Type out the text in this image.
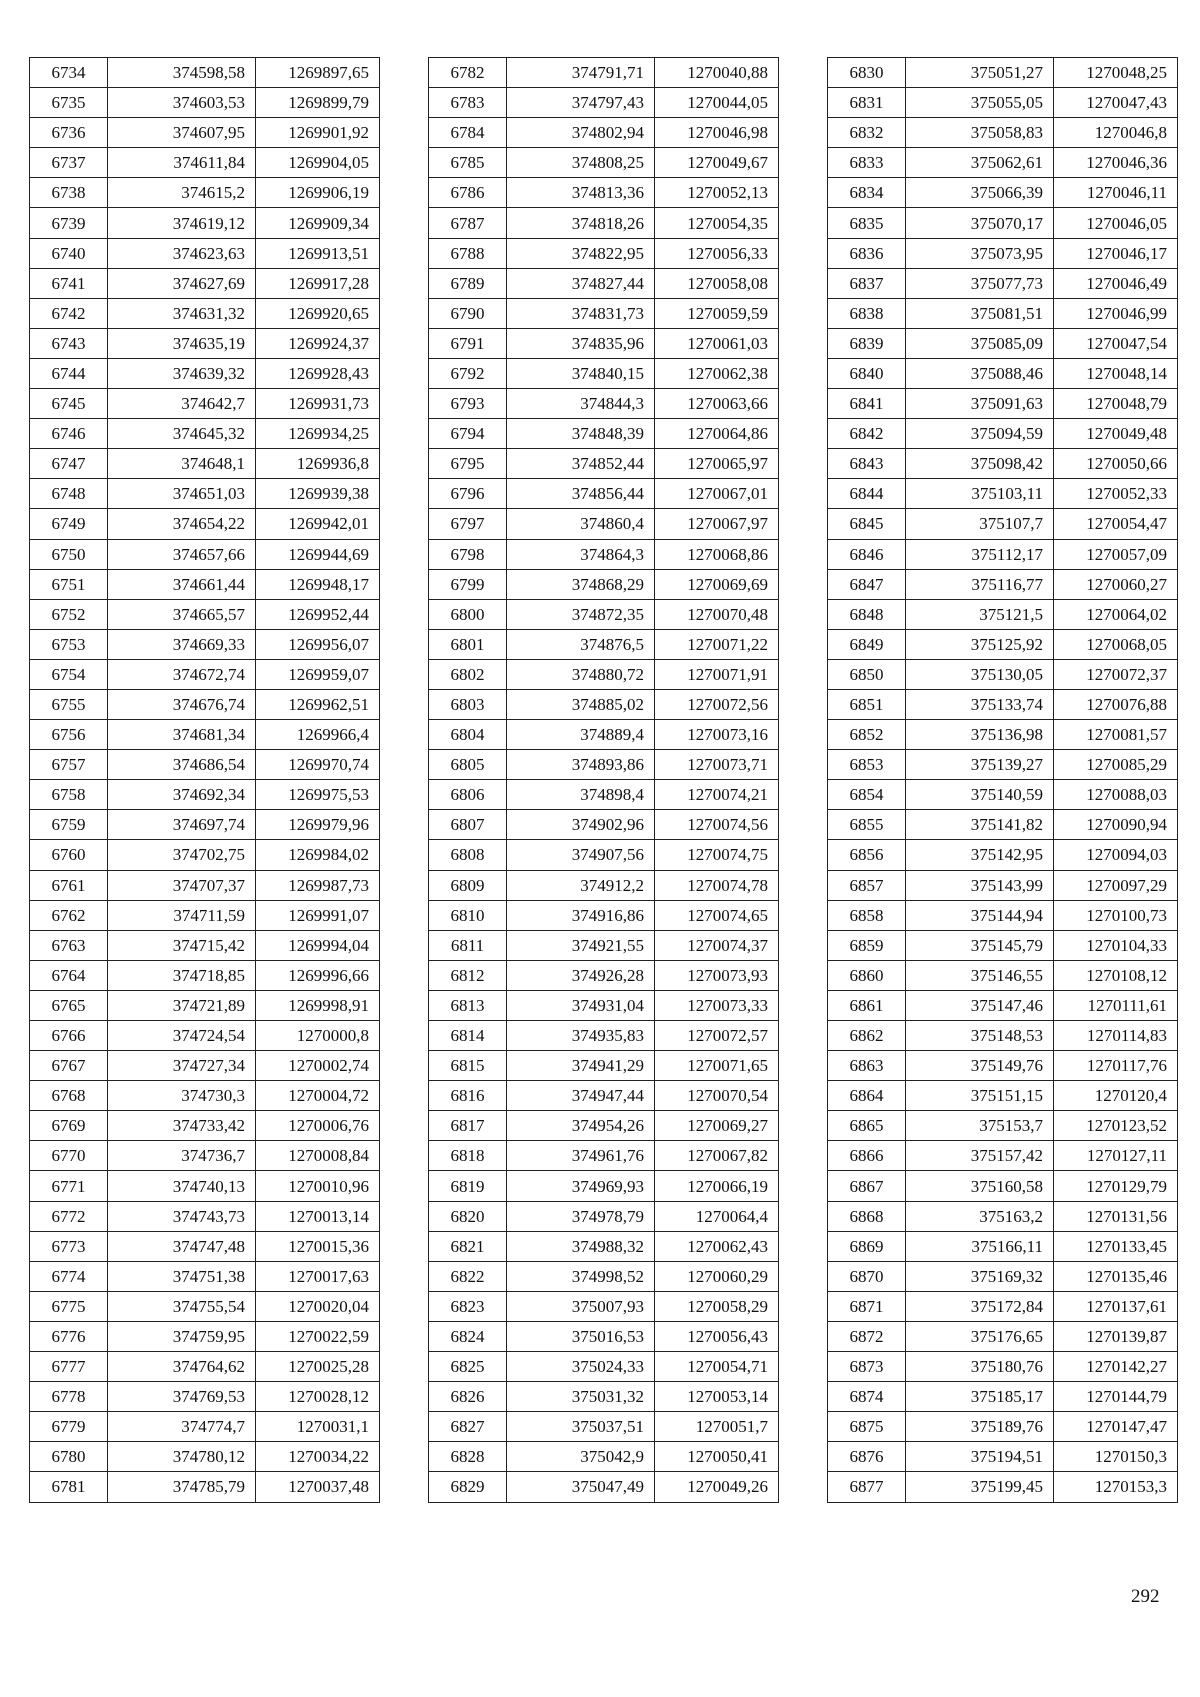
6734	374598,58	1269897,65
6735	374603,53	1269899,79
6736	374607,95	1269901,92
6737	374611,84	1269904,05
6738	374615,2	1269906,19
6739	374619,12	1269909,34
6740	374623,63	1269913,51
6741	374627,69	1269917,28
6742	374631,32	1269920,65
6743	374635,19	1269924,37
6744	374639,32	1269928,43
6745	374642,7	1269931,73
6746	374645,32	1269934,25
6747	374648,1	1269936,8
6748	374651,03	1269939,38
6749	374654,22	1269942,01
6750	374657,66	1269944,69
6751	374661,44	1269948,17
6752	374665,57	1269952,44
6753	374669,33	1269956,07
6754	374672,74	1269959,07
6755	374676,74	1269962,51
6756	374681,34	1269966,4
6757	374686,54	1269970,74
6758	374692,34	1269975,53
6759	374697,74	1269979,96
6760	374702,75	1269984,02
6761	374707,37	1269987,73
6762	374711,59	1269991,07
6763	374715,42	1269994,04
6764	374718,85	1269996,66
6765	374721,89	1269998,91
6766	374724,54	1270000,8
6767	374727,34	1270002,74
6768	374730,3	1270004,72
6769	374733,42	1270006,76
6770	374736,7	1270008,84
6771	374740,13	1270010,96
6772	374743,73	1270013,14
6773	374747,48	1270015,36
6774	374751,38	1270017,63
6775	374755,54	1270020,04
6776	374759,95	1270022,59
6777	374764,62	1270025,28
6778	374769,53	1270028,12
6779	374774,7	1270031,1
6780	374780,12	1270034,22
6781	374785,79	1270037,48
6782	374791,71	1270040,88
6783	374797,43	1270044,05
6784	374802,94	1270046,98
6785	374808,25	1270049,67
6786	374813,36	1270052,13
6787	374818,26	1270054,35
6788	374822,95	1270056,33
6789	374827,44	1270058,08
6790	374831,73	1270059,59
6791	374835,96	1270061,03
6792	374840,15	1270062,38
6793	374844,3	1270063,66
6794	374848,39	1270064,86
6795	374852,44	1270065,97
6796	374856,44	1270067,01
6797	374860,4	1270067,97
6798	374864,3	1270068,86
6799	374868,29	1270069,69
6800	374872,35	1270070,48
6801	374876,5	1270071,22
6802	374880,72	1270071,91
6803	374885,02	1270072,56
6804	374889,4	1270073,16
6805	374893,86	1270073,71
6806	374898,4	1270074,21
6807	374902,96	1270074,56
6808	374907,56	1270074,75
6809	374912,2	1270074,78
6810	374916,86	1270074,65
6811	374921,55	1270074,37
6812	374926,28	1270073,93
6813	374931,04	1270073,33
6814	374935,83	1270072,57
6815	374941,29	1270071,65
6816	374947,44	1270070,54
6817	374954,26	1270069,27
6818	374961,76	1270067,82
6819	374969,93	1270066,19
6820	374978,79	1270064,4
6821	374988,32	1270062,43
6822	374998,52	1270060,29
6823	375007,93	1270058,29
6824	375016,53	1270056,43
6825	375024,33	1270054,71
6826	375031,32	1270053,14
6827	375037,51	1270051,7
6828	375042,9	1270050,41
6829	375047,49	1270049,26
6830	375051,27	1270048,25
6831	375055,05	1270047,43
6832	375058,83	1270046,8
6833	375062,61	1270046,36
6834	375066,39	1270046,11
6835	375070,17	1270046,05
6836	375073,95	1270046,17
6837	375077,73	1270046,49
6838	375081,51	1270046,99
6839	375085,09	1270047,54
6840	375088,46	1270048,14
6841	375091,63	1270048,79
6842	375094,59	1270049,48
6843	375098,42	1270050,66
6844	375103,11	1270052,33
6845	375107,7	1270054,47
6846	375112,17	1270057,09
6847	375116,77	1270060,27
6848	375121,5	1270064,02
6849	375125,92	1270068,05
6850	375130,05	1270072,37
6851	375133,74	1270076,88
6852	375136,98	1270081,57
6853	375139,27	1270085,29
6854	375140,59	1270088,03
6855	375141,82	1270090,94
6856	375142,95	1270094,03
6857	375143,99	1270097,29
6858	375144,94	1270100,73
6859	375145,79	1270104,33
6860	375146,55	1270108,12
6861	375147,46	1270111,61
6862	375148,53	1270114,83
6863	375149,76	1270117,76
6864	375151,15	1270120,4
6865	375153,7	1270123,52
6866	375157,42	1270127,11
6867	375160,58	1270129,79
6868	375163,2	1270131,56
6869	375166,11	1270133,45
6870	375169,32	1270135,46
6871	375172,84	1270137,61
6872	375176,65	1270139,87
6873	375180,76	1270142,27
6874	375185,17	1270144,79
6875	375189,76	1270147,47
6876	375194,51	1270150,3
6877	375199,45	1270153,3
292
